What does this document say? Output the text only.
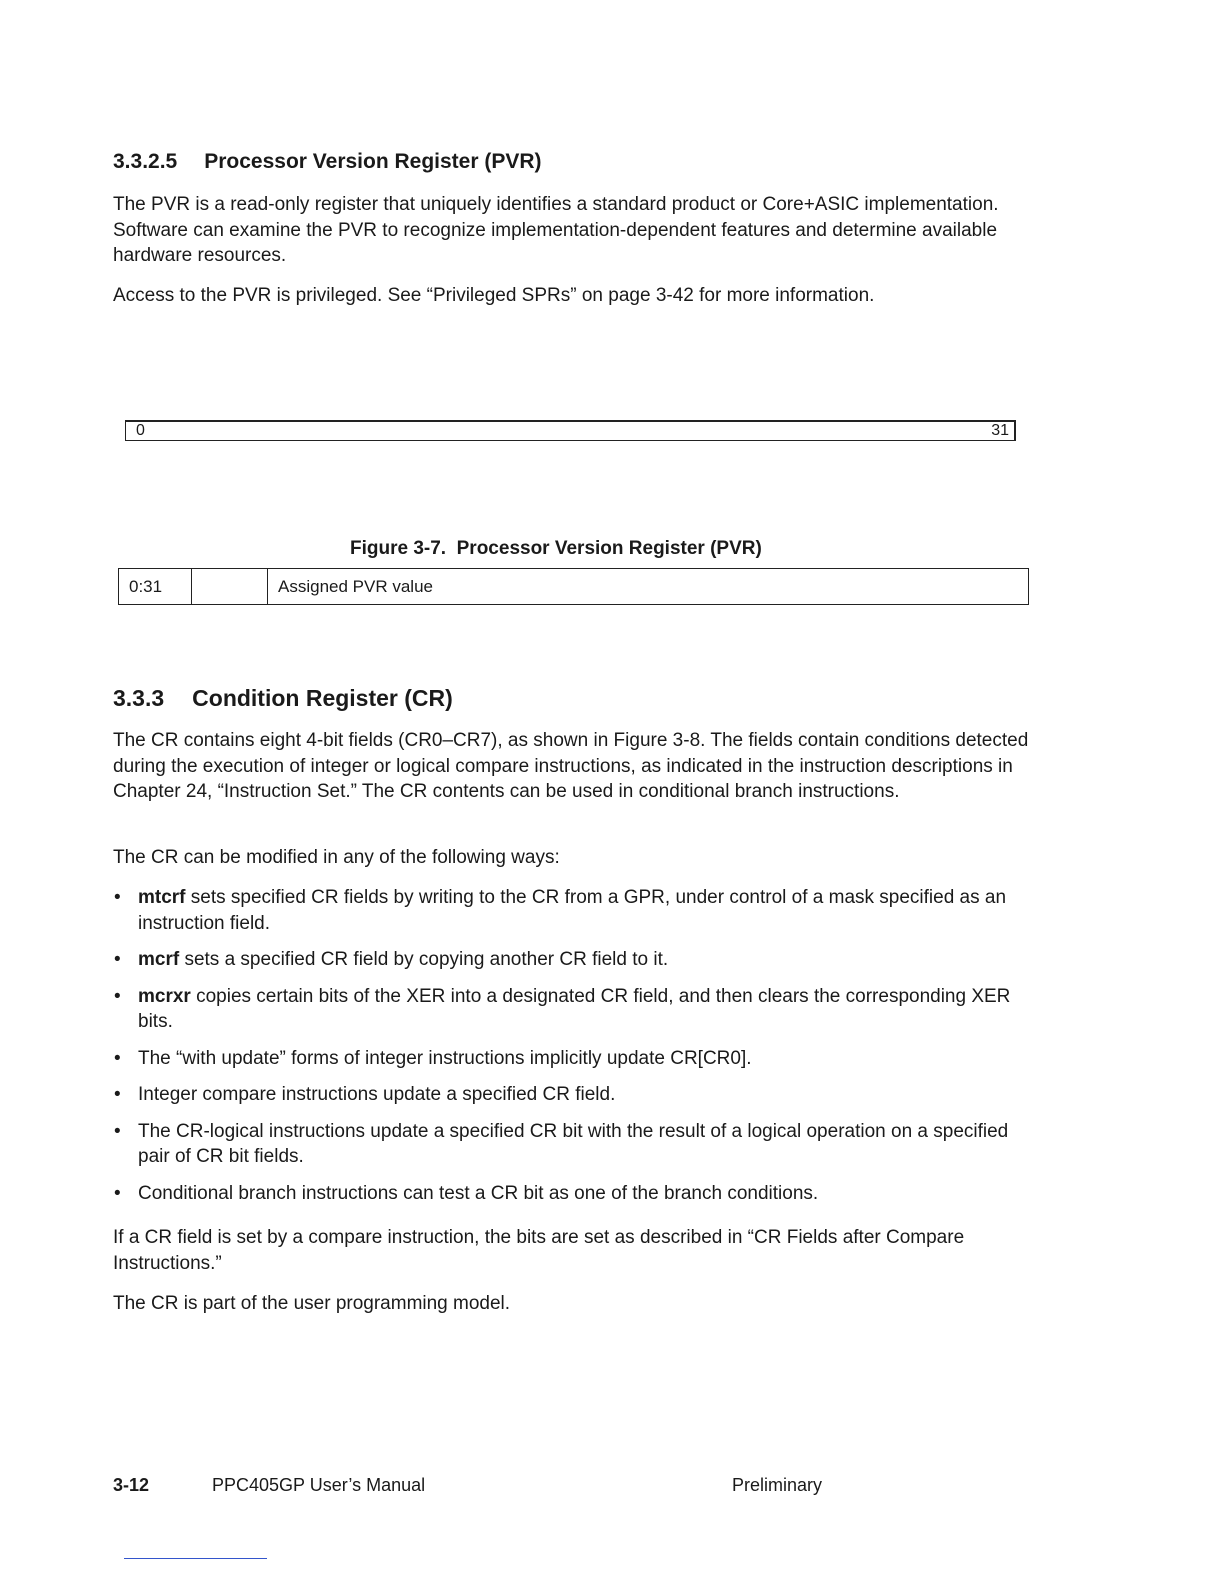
3.3.2.5 Processor Version Register (PVR)
The PVR is a read-only register that uniquely identifies a standard product or Core+ASIC implementation. Software can examine the PVR to recognize implementation-dependent features and determine available hardware resources.
Access to the PVR is privileged. See “Privileged SPRs” on page 3-42 for more information.
0	31
Figure 3-7.  Processor Version Register (PVR)
0:31		Assigned PVR value
3.3.3 Condition Register (CR)
The CR contains eight 4-bit fields (CR0–CR7), as shown in Figure 3-8. The fields contain conditions detected during the execution of integer or logical compare instructions, as indicated in the instruction descriptions in Chapter 24, “Instruction Set.” The CR contents can be used in conditional branch instructions.
The CR can be modified in any of the following ways:
• mtcrf sets specified CR fields by writing to the CR from a GPR, under control of a mask specified as an instruction field.
• mcrf sets a specified CR field by copying another CR field to it.
• mcrxr copies certain bits of the XER into a designated CR field, and then clears the corresponding XER bits.
• The “with update” forms of integer instructions implicitly update CR[CR0].
• Integer compare instructions update a specified CR field.
• The CR-logical instructions update a specified CR bit with the result of a logical operation on a specified pair of CR bit fields.
• Conditional branch instructions can test a CR bit as one of the branch conditions.
If a CR field is set by a compare instruction, the bits are set as described in “CR Fields after Compare Instructions.”
The CR is part of the user programming model.
3-12	PPC405GP User’s Manual	Preliminary
